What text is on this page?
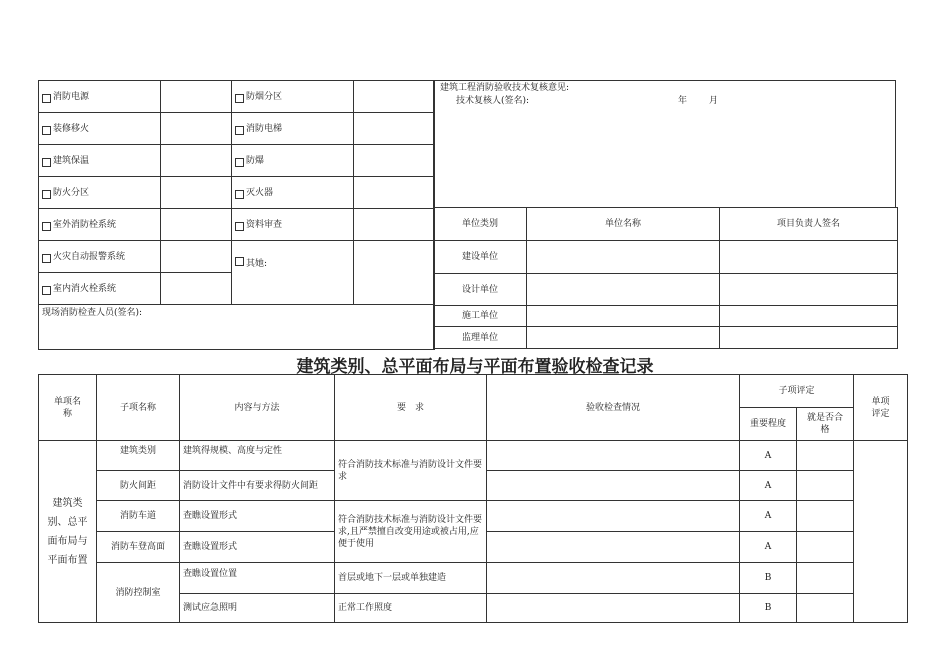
消防电源		防烟分区	

装修移火		消防电梯	

建筑保温		防爆	

防火分区		灭火器	

室外消防栓系统		资料审查	

火灾自动报警系统		其她:	

室内消火栓系统			

现场消防检查人员(签名):			
建筑工程消防验收技术复核意见:
技术复核人(签名):	年 月
单位类别	单位名称	项目负责人签名
建设单位		
设计单位		
施工单位		
监理单位		
建筑类别、总平面布局与平面布置验收检查记录
单项名称	子项名称	内容与方法	要　求	验收检查情况	子项评定		单项评定
					重要程度	就是否合格	
建筑类别、总平面布局与平面布置	建筑类别	建筑得规模、高度与定性	符合消防技术标准与消防设计文件要求		A		
	防火间距	消防设计文件中有要求得防火间距			A		
	消防车道	查瞧设置形式	符合消防技术标准与消防设计文件要求,且严禁擅自改变用途或被占用,应便于使用		A		
	消防车登高面	查瞧设置形式			A		
	消防控制室	查瞧设置位置	首层或地下一层或单独建造		B		
		测试应急照明	正常工作照度		B		
